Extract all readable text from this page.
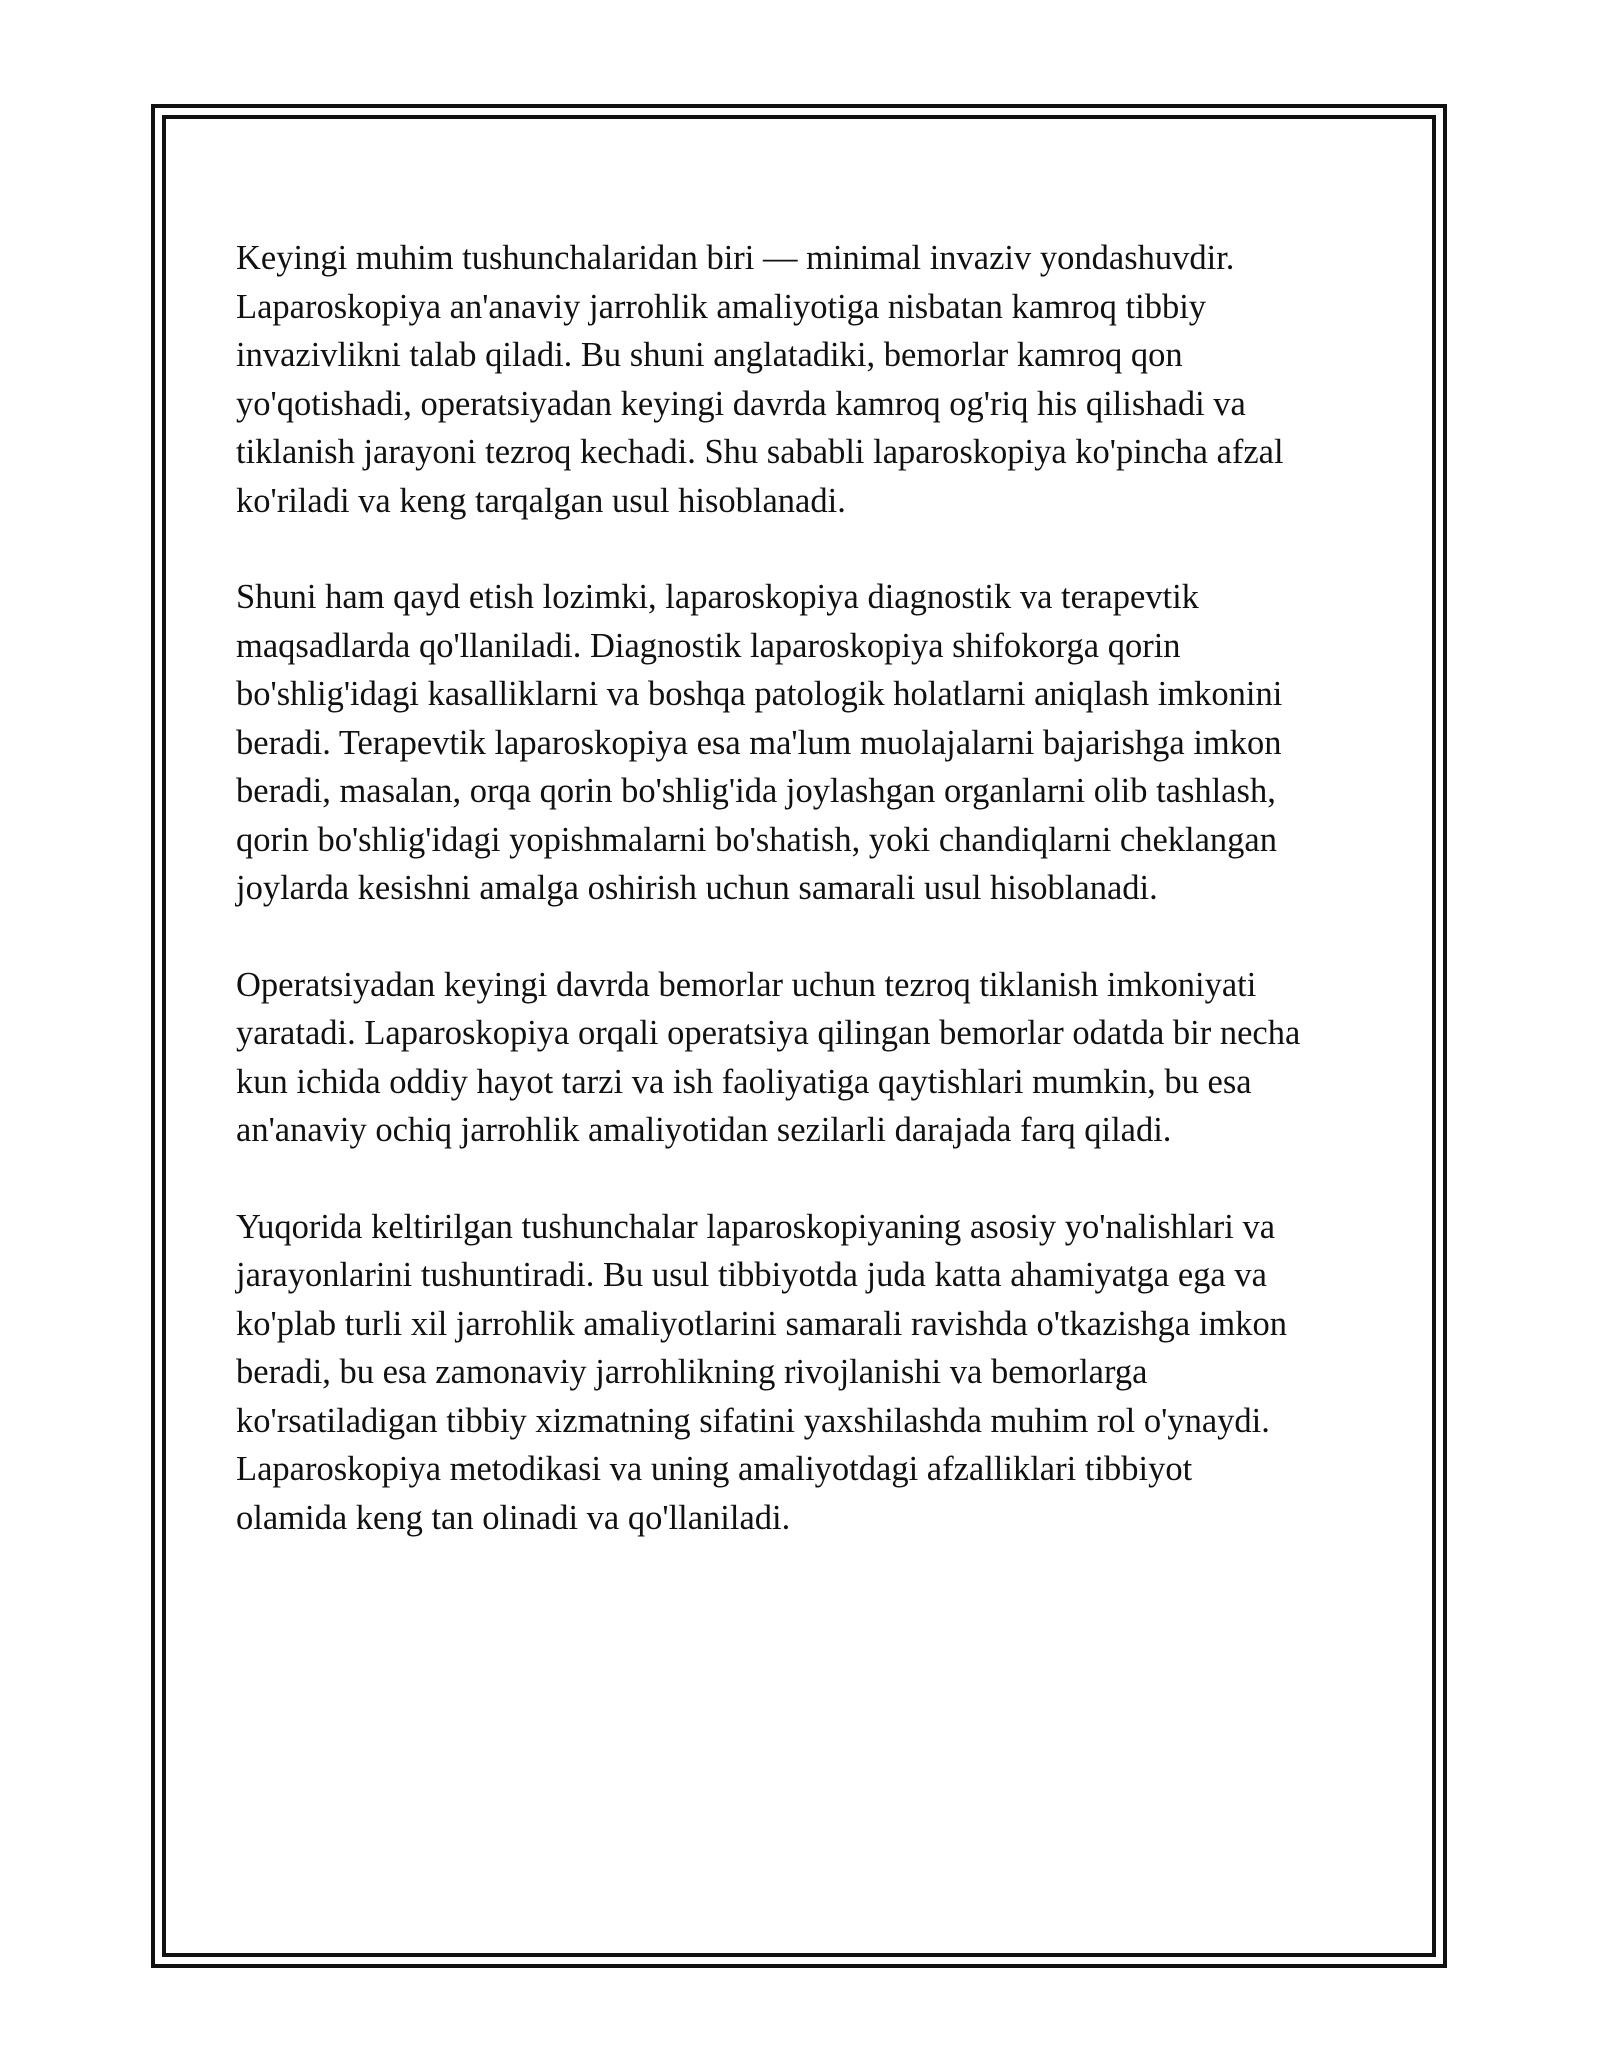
Keyingi muhim tushunchalaridan biri — minimal invaziv yondashuvdir.
Laparoskopiya an'anaviy jarrohlik amaliyotiga nisbatan kamroq tibbiy
invazivlikni talab qiladi. Bu shuni anglatadiki, bemorlar kamroq qon
yo'qotishadi, operatsiyadan keyingi davrda kamroq og'riq his qilishadi va
tiklanish jarayoni tezroq kechadi. Shu sababli laparoskopiya ko'pincha afzal
ko'riladi va keng tarqalgan usul hisoblanadi.

Shuni ham qayd etish lozimki, laparoskopiya diagnostik va terapevtik
maqsadlarda qo'llaniladi. Diagnostik laparoskopiya shifokorga qorin
bo'shlig'idagi kasalliklarni va boshqa patologik holatlarni aniqlash imkonini
beradi. Terapevtik laparoskopiya esa ma'lum muolajalarni bajarishga imkon
beradi, masalan, orqa qorin bo'shlig'ida joylashgan organlarni olib tashlash,
qorin bo'shlig'idagi yopishmalarni bo'shatish, yoki chandiqlarni cheklangan
joylarda kesishni amalga oshirish uchun samarali usul hisoblanadi.

Operatsiyadan keyingi davrda bemorlar uchun tezroq tiklanish imkoniyati
yaratadi. Laparoskopiya orqali operatsiya qilingan bemorlar odatda bir necha
kun ichida oddiy hayot tarzi va ish faoliyatiga qaytishlari mumkin, bu esa
an'anaviy ochiq jarrohlik amaliyotidan sezilarli darajada farq qiladi.

Yuqorida keltirilgan tushunchalar laparoskopiyaning asosiy yo'nalishlari va
jarayonlarini tushuntiradi. Bu usul tibbiyotda juda katta ahamiyatga ega va
ko'plab turli xil jarrohlik amaliyotlarini samarali ravishda o'tkazishga imkon
beradi, bu esa zamonaviy jarrohlikning rivojlanishi va bemorlarga
ko'rsatiladigan tibbiy xizmatning sifatini yaxshilashda muhim rol o'ynaydi.
Laparoskopiya metodikasi va uning amaliyotdagi afzalliklari tibbiyot
olamida keng tan olinadi va qo'llaniladi.
